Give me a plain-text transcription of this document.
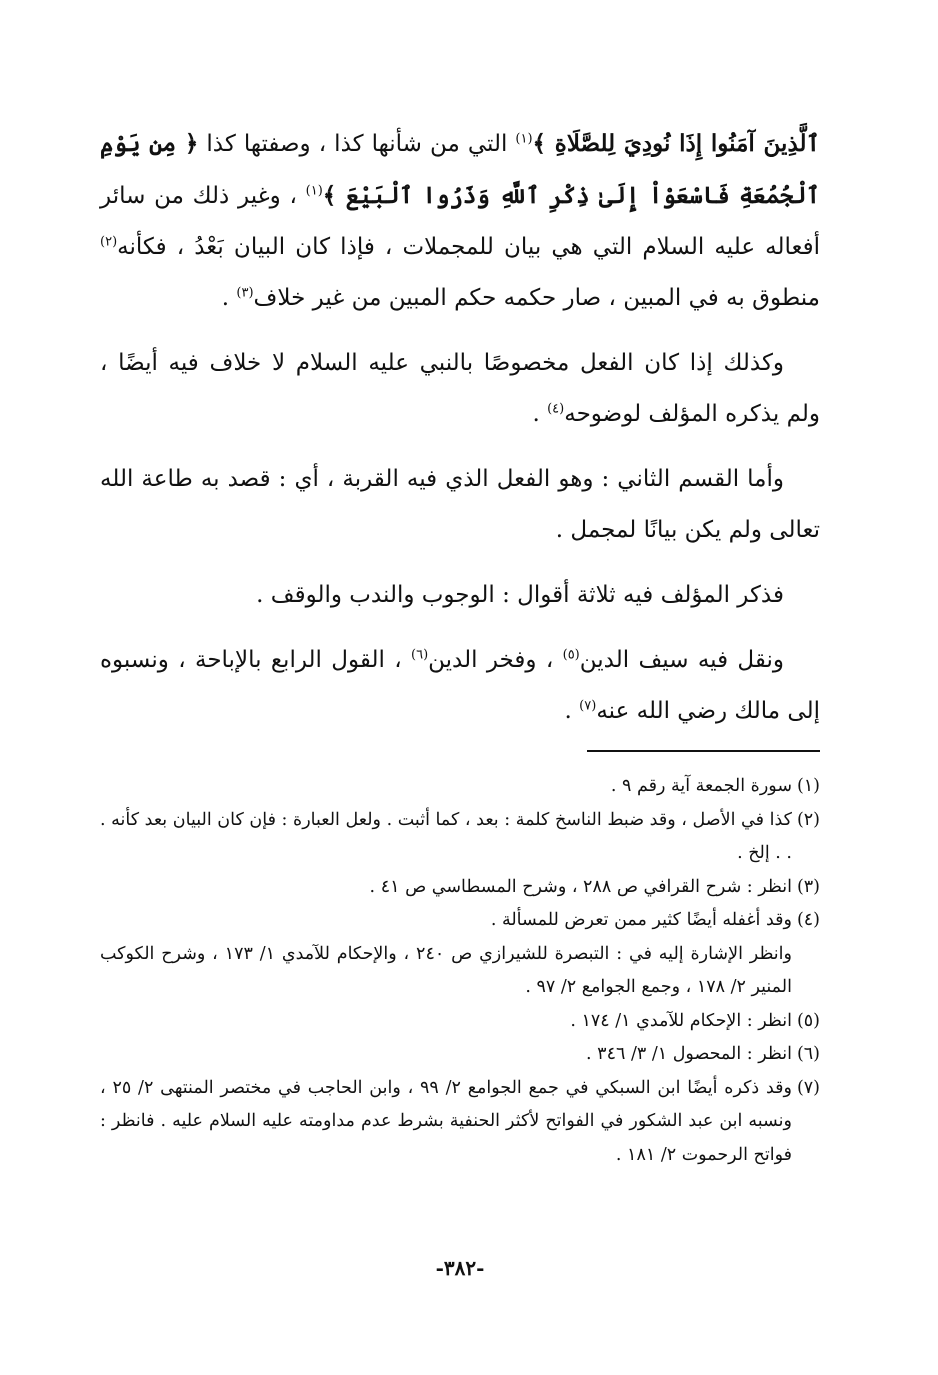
ٱلَّذِينَ آمَنُوا إِذَا نُودِيَ لِلصَّلَاةِ ﴾$^{(١)}$ التي من شأنها كذا ، وصفتها كذا ﴿ مِن يَوْمِ ٱلْجُمُعَةِ فَاسْعَوْاْ إِلَىٰ ذِكْرِ ٱللَّهِ وَذَرُوا ٱلْبَيْعَ ﴾$^{(١)}$ ، وغير ذلك من سائر أفعاله عليه السلام التي هي بيان للمجملات ، فإذا كان البيان بَعْدُ ، فكأنه$^{(٢)}$ منطوق به في المبين ، صار حكمه حكم المبين من غير خلاف$^{(٣)}$ .

وكذلك إذا كان الفعل مخصوصًا بالنبي عليه السلام لا خلاف فيه أيضًا ، ولم يذكره المؤلف لوضوحه$^{(٤)}$ .

وأما القسم الثاني : وهو الفعل الذي فيه القربة ، أي : قصد به طاعة الله تعالى ولم يكن بيانًا لمجمل .

فذكر المؤلف فيه ثلاثة أقوال : الوجوب والندب والوقف .

ونقل فيه سيف الدين$^{(٥)}$ ، وفخر الدين$^{(٦)}$ ، القول الرابع بالإباحة ، ونسبوه إلى مالك رضي الله عنه$^{(٧)}$ .

(١)
سورة الجمعة آية رقم ٩ .
(٢)
كذا في الأصل ، وقد ضبط الناسخ كلمة : بعد ، كما أثبت . ولعل العبارة : فإن كان البيان بعد كأنه . . . إلخ .
(٣)
انظر : شرح القرافي ص ٢٨٨ ، وشرح المسطاسي ص ٤١ .
(٤)
وقد أغفله أيضًا كثير ممن تعرض للمسألة .
وانظر الإشارة إليه في : التبصرة للشيرازي ص ٢٤٠ ، والإحكام للآمدي ١/ ١٧٣ ، وشرح الكوكب المنير ٢/ ١٧٨ ، وجمع الجوامع ٢/ ٩٧ .
(٥)
انظر : الإحكام للآمدي ١/ ١٧٤ .
(٦)
انظر : المحصول ١/ ٣/ ٣٤٦ .
(٧)
وقد ذكره أيضًا ابن السبكي في جمع الجوامع ٢/ ٩٩ ، وابن الحاجب في مختصر المنتهى ٢/ ٢٥ ، ونسبه ابن عبد الشكور في الفواتح لأكثر الحنفية بشرط عدم مداومته عليه السلام عليه . فانظر : فواتح الرحموت ٢/ ١٨١ .
-٣٨٢-
